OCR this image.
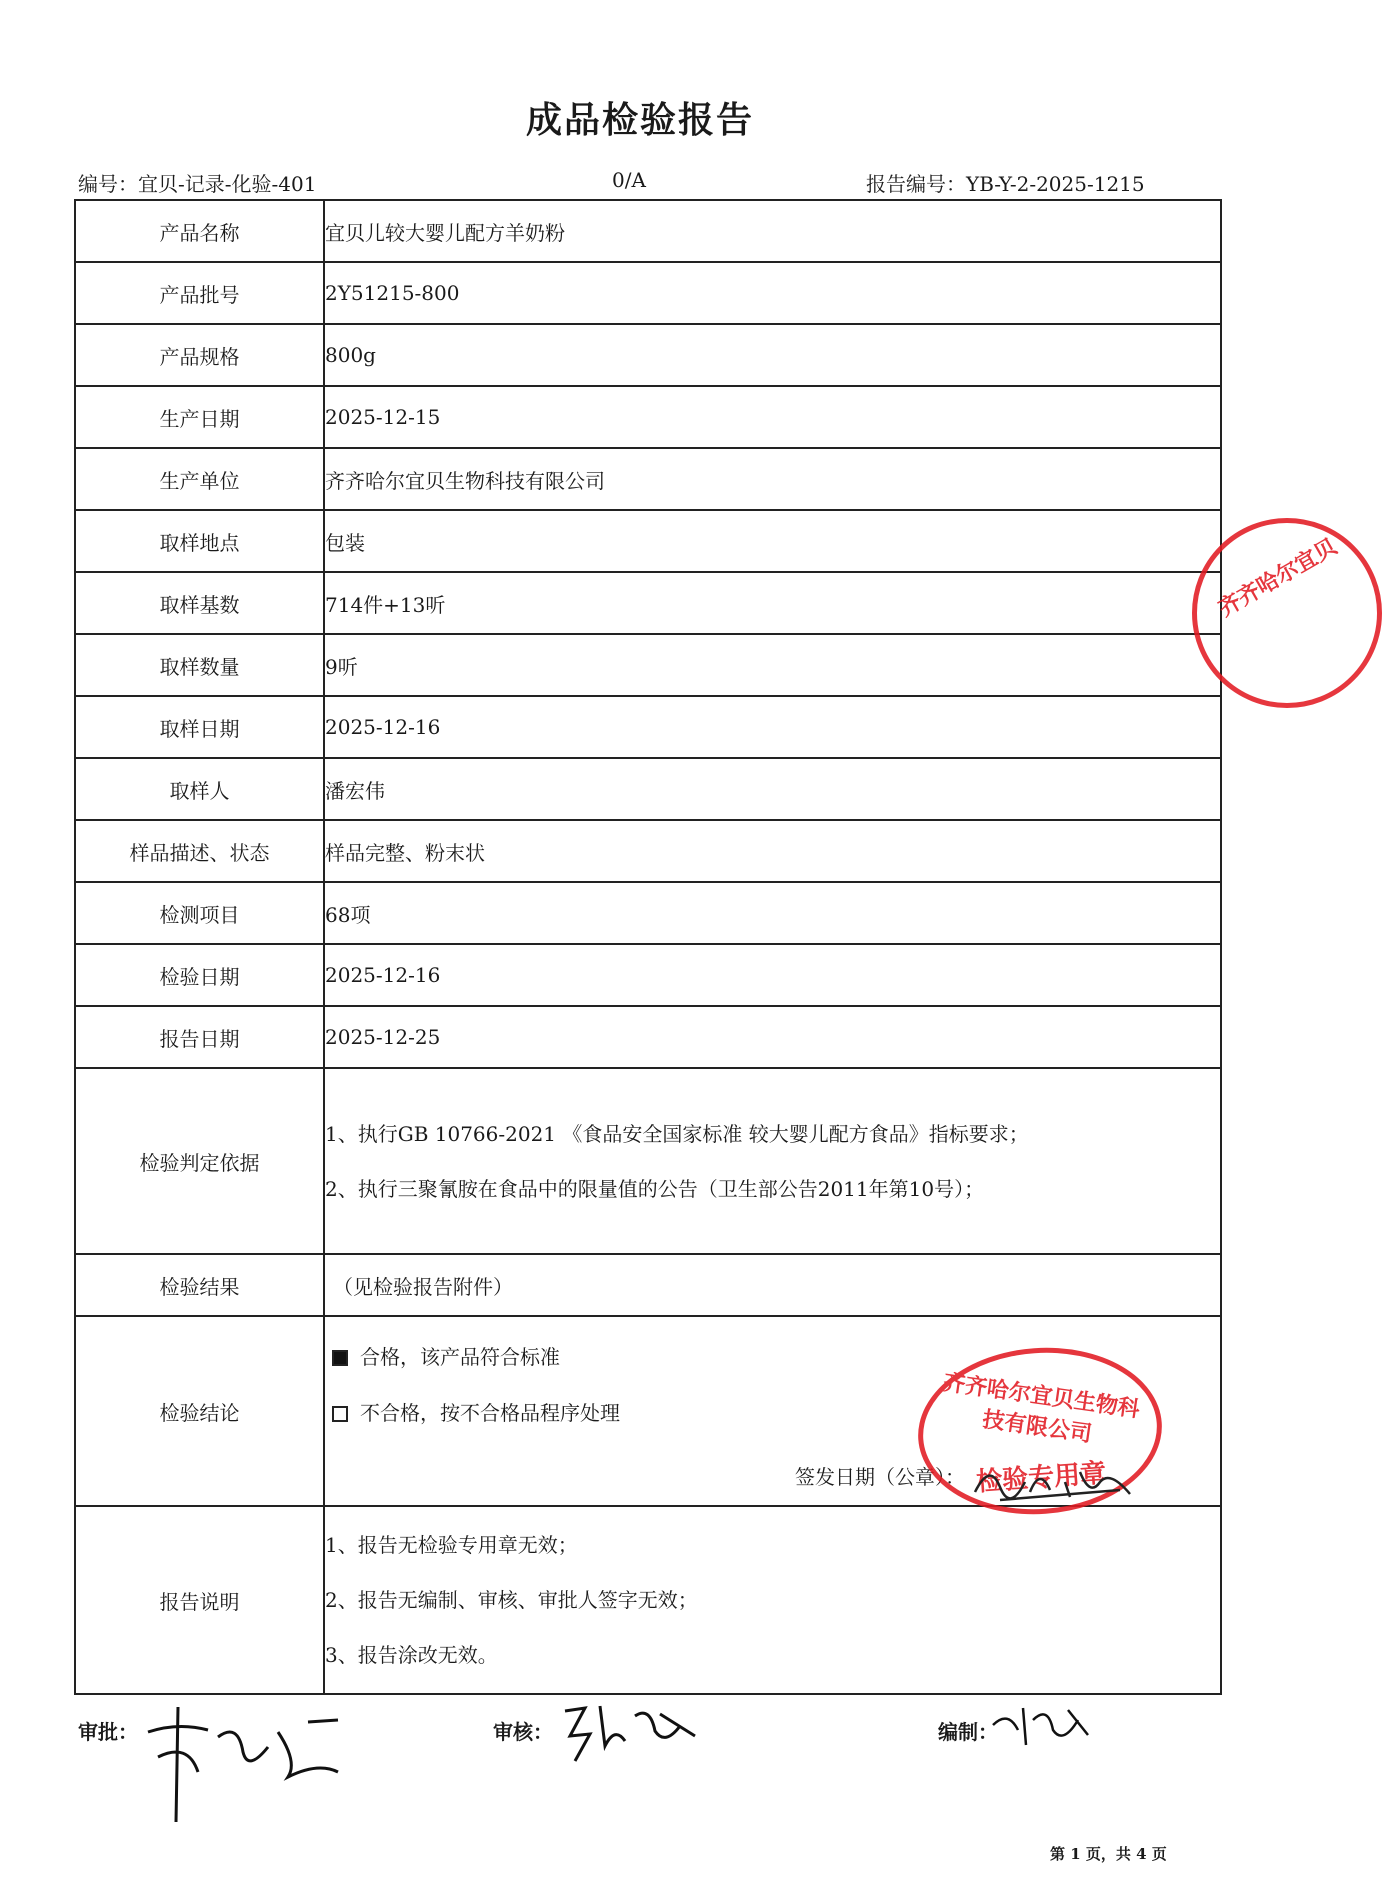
成品检验报告
编号：宜贝-记录-化验-401	0/A	报告编号：YB-Y-2-2025-1215
产品名称	宜贝儿较大婴儿配方羊奶粉
产品批号	2Y51215-800
产品规格	800g
生产日期	2025-12-15
生产单位	齐齐哈尔宜贝生物科技有限公司
取样地点	包装
取样基数	714件+13听
取样数量	9听
取样日期	2025-12-16
取样人	潘宏伟
样品描述、状态	样品完整、粉末状
检测项目	68项
检验日期	2025-12-16
报告日期	2025-12-25
检验判定依据	1、执行GB 10766-2021 《食品安全国家标准 较大婴儿配方食品》指标要求；
2、执行三聚氰胺在食品中的限量值的公告（卫生部公告2011年第10号）；

检验结果	（见检验报告附件）
检验结论	合格，该产品符合标准
不合格，按不合格品程序处理
签发日期（公章）：

报告说明	1、报告无检验专用章无效；
2、报告无编制、审核、审批人签字无效；
3、报告涂改无效。
齐齐哈尔宜贝生物科技有限公司
检验专用章
齐齐哈尔宜贝
审批：	审核：	编制：
第 1 页，共 4 页
